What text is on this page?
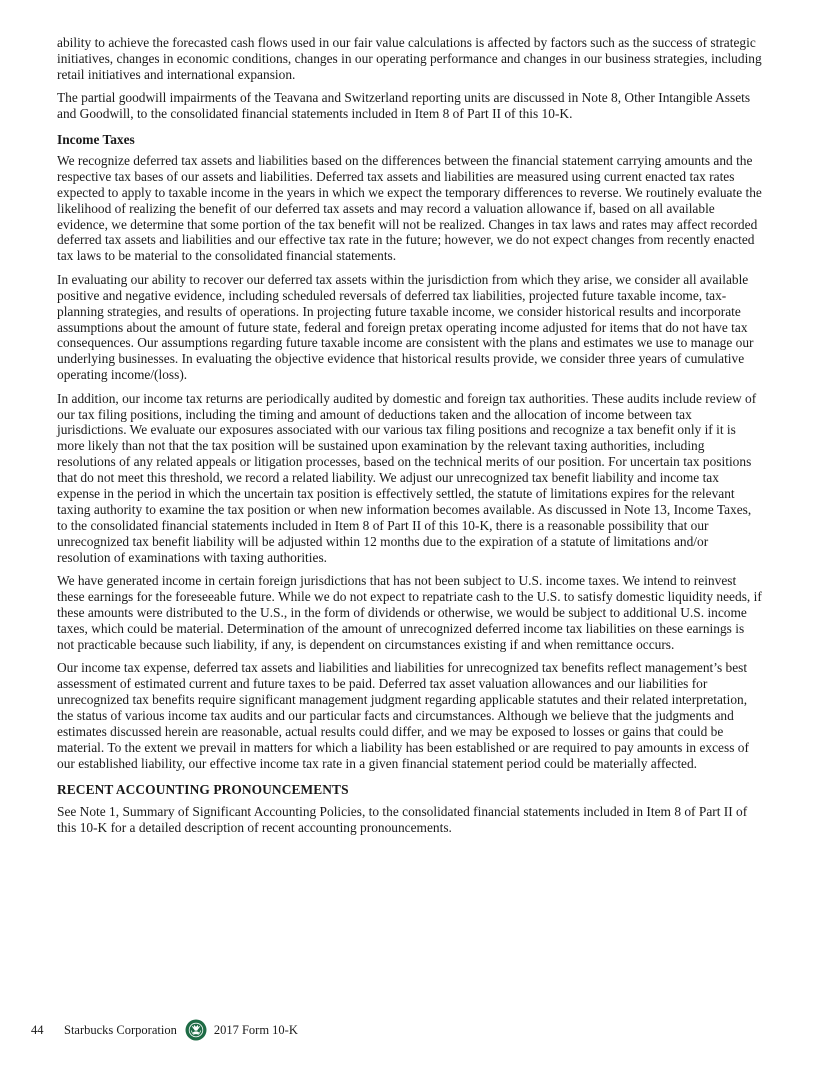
ability to achieve the forecasted cash flows used in our fair value calculations is affected by factors such as the success of strategic initiatives, changes in economic conditions, changes in our operating performance and changes in our business strategies, including retail initiatives and international expansion.

The partial goodwill impairments of the Teavana and Switzerland reporting units are discussed in Note 8, Other Intangible Assets and Goodwill, to the consolidated financial statements included in Item 8 of Part II of this 10-K.

Income Taxes

We recognize deferred tax assets and liabilities based on the differences between the financial statement carrying amounts and the respective tax bases of our assets and liabilities. Deferred tax assets and liabilities are measured using current enacted tax rates expected to apply to taxable income in the years in which we expect the temporary differences to reverse. We routinely evaluate the likelihood of realizing the benefit of our deferred tax assets and may record a valuation allowance if, based on all available evidence, we determine that some portion of the tax benefit will not be realized. Changes in tax laws and rates may affect recorded deferred tax assets and liabilities and our effective tax rate in the future; however, we do not expect changes from recently enacted tax laws to be material to the consolidated financial statements.

In evaluating our ability to recover our deferred tax assets within the jurisdiction from which they arise, we consider all available positive and negative evidence, including scheduled reversals of deferred tax liabilities, projected future taxable income, tax-planning strategies, and results of operations. In projecting future taxable income, we consider historical results and incorporate assumptions about the amount of future state, federal and foreign pretax operating income adjusted for items that do not have tax consequences. Our assumptions regarding future taxable income are consistent with the plans and estimates we use to manage our underlying businesses. In evaluating the objective evidence that historical results provide, we consider three years of cumulative operating income/(loss).

In addition, our income tax returns are periodically audited by domestic and foreign tax authorities. These audits include review of our tax filing positions, including the timing and amount of deductions taken and the allocation of income between tax jurisdictions. We evaluate our exposures associated with our various tax filing positions and recognize a tax benefit only if it is more likely than not that the tax position will be sustained upon examination by the relevant taxing authorities, including resolutions of any related appeals or litigation processes, based on the technical merits of our position. For uncertain tax positions that do not meet this threshold, we record a related liability. We adjust our unrecognized tax benefit liability and income tax expense in the period in which the uncertain tax position is effectively settled, the statute of limitations expires for the relevant taxing authority to examine the tax position or when new information becomes available. As discussed in Note 13, Income Taxes, to the consolidated financial statements included in Item 8 of Part II of this 10-K, there is a reasonable possibility that our unrecognized tax benefit liability will be adjusted within 12 months due to the expiration of a statute of limitations and/or resolution of examinations with taxing authorities.

We have generated income in certain foreign jurisdictions that has not been subject to U.S. income taxes. We intend to reinvest these earnings for the foreseeable future. While we do not expect to repatriate cash to the U.S. to satisfy domestic liquidity needs, if these amounts were distributed to the U.S., in the form of dividends or otherwise, we would be subject to additional U.S. income taxes, which could be material. Determination of the amount of unrecognized deferred income tax liabilities on these earnings is not practicable because such liability, if any, is dependent on circumstances existing if and when remittance occurs.

Our income tax expense, deferred tax assets and liabilities and liabilities for unrecognized tax benefits reflect management’s best assessment of estimated current and future taxes to be paid. Deferred tax asset valuation allowances and our liabilities for unrecognized tax benefits require significant management judgment regarding applicable statutes and their related interpretation, the status of various income tax audits and our particular facts and circumstances. Although we believe that the judgments and estimates discussed herein are reasonable, actual results could differ, and we may be exposed to losses or gains that could be material. To the extent we prevail in matters for which a liability has been established or are required to pay amounts in excess of our established liability, our effective income tax rate in a given financial statement period could be materially affected.

RECENT ACCOUNTING PRONOUNCEMENTS

See Note 1, Summary of Significant Accounting Policies, to the consolidated financial statements included in Item 8 of Part II of this 10-K for a detailed description of recent accounting pronouncements.

44	Starbucks Corporation	2017 Form 10-K
